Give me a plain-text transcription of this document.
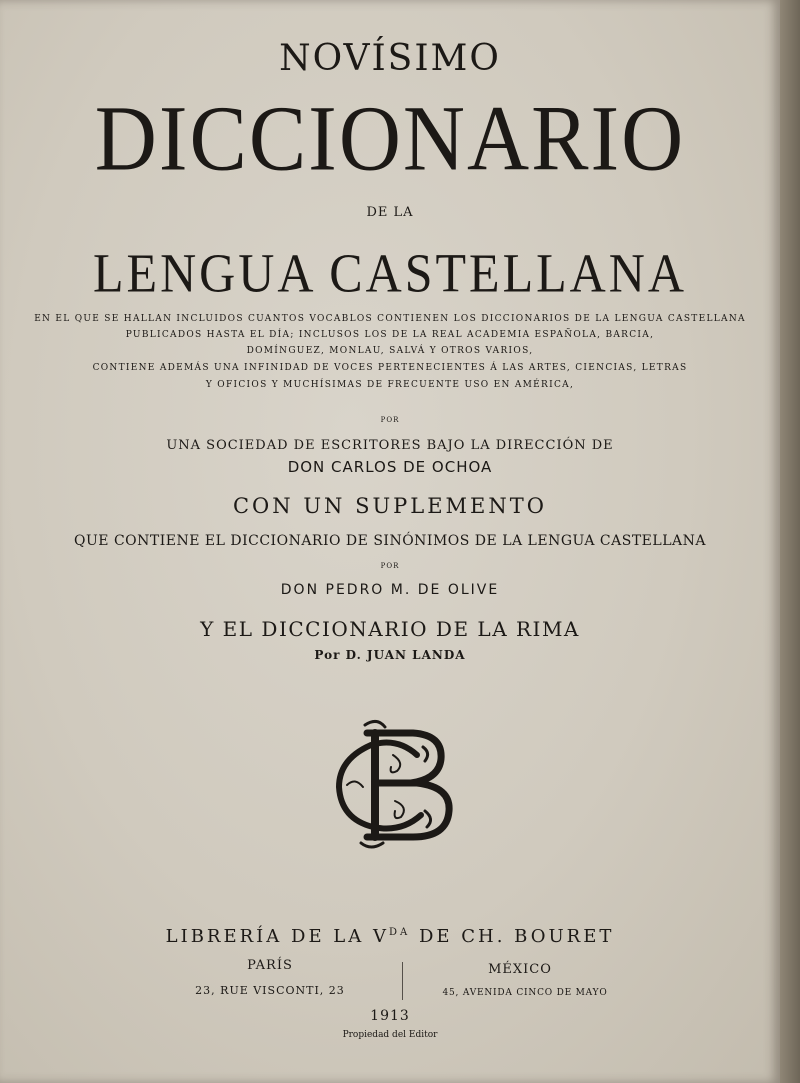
NOVÍSIMO
DICCIONARIO
DE LA
LENGUA CASTELLANA
EN EL QUE SE HALLAN INCLUIDOS CUANTOS VOCABLOS CONTIENEN LOS DICCIONARIOS DE LA LENGUA CASTELLANA
PUBLICADOS HASTA EL DÍA; INCLUSOS LOS DE LA REAL ACADEMIA ESPAÑOLA, BARCIA,
DOMÍNGUEZ, MONLAU, SALVÁ Y OTROS VARIOS,
CONTIENE ADEMÁS UNA INFINIDAD DE VOCES PERTENECIENTES Á LAS ARTES, CIENCIAS, LETRAS
Y OFICIOS Y MUCHÍSIMAS DE FRECUENTE USO EN AMÉRICA,
POR
UNA SOCIEDAD DE ESCRITORES BAJO LA DIRECCIÓN DE
DON CARLOS DE OCHOA
CON UN SUPLEMENTO
QUE CONTIENE EL DICCIONARIO DE SINÓNIMOS DE LA LENGUA CASTELLANA
POR
DON PEDRO M. DE OLIVE
Y EL DICCIONARIO DE LA RIMA
Por D. JUAN LANDA
LIBRERÍA DE LA $V^{DA}$ DE CH. BOURET
PARÍS
23, RUE VISCONTI, 23
MÉXICO
45, AVENIDA CINCO DE MAYO
1913
Propiedad del Editor
